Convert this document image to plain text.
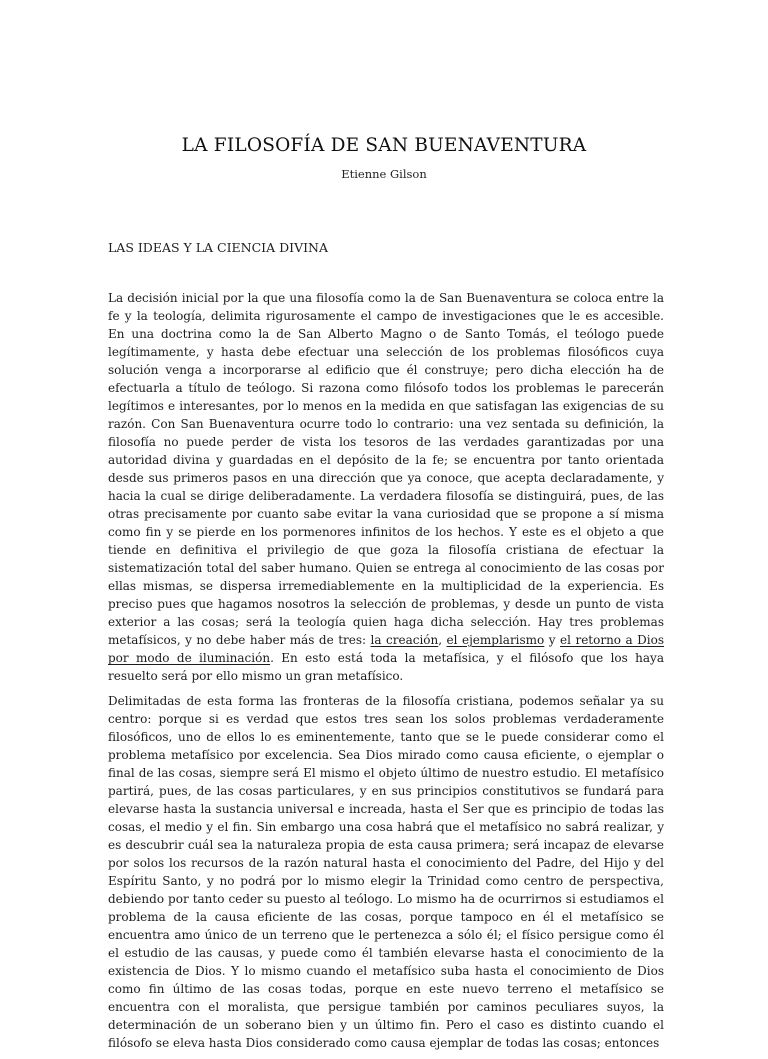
LA FILOSOFÍA DE SAN BUENAVENTURA
Etienne Gilson
LAS IDEAS Y LA CIENCIA DIVINA

La decisión inicial por la que una filosofía como la de San Buenaventura se coloca entre la fe y la teología, delimita rigurosamente el campo de investigaciones que le es accesible. En una doctrina como la de San Alberto Magno o de Santo Tomás, el teólogo puede legítimamente, y hasta debe efectuar una selección de los problemas filosóficos cuya solución venga a incorporarse al edificio que él construye; pero dicha elección ha de efectuarla a título de teólogo. Si razona como filósofo todos los problemas le parecerán legítimos e interesantes, por lo menos en la medida en que satisfagan las exigencias de su razón. Con San Buenaventura ocurre todo lo contrario: una vez sentada su definición, la filosofía no puede perder de vista los tesoros de las verdades garantizadas por una autoridad divina y guardadas en el depósito de la fe; se encuentra por tanto orientada desde sus primeros pasos en una dirección que ya conoce, que acepta declaradamente, y hacia la cual se dirige deliberadamente. La verdadera filosofía se distinguirá, pues, de las otras precisamente por cuanto sabe evitar la vana curiosidad que se propone a sí misma como fin y se pierde en los pormenores infinitos de los hechos. Y este es el objeto a que tiende en definitiva el privilegio de que goza la filosofía cristiana de efectuar la sistematización total del saber humano. Quien se entrega al conocimiento de las cosas por ellas mismas, se dispersa irremediablemente en la multiplicidad de la experiencia. Es preciso pues que hagamos nosotros la selección de problemas, y desde un punto de vista exterior a las cosas; será la teología quien haga dicha selección. Hay tres problemas metafísicos, y no debe haber más de tres: la creación, el ejemplarismo y el retorno a Dios por modo de iluminación. En esto está toda la metafísica, y el filósofo que los haya resuelto será por ello mismo un gran metafísico.

Delimitadas de esta forma las fronteras de la filosofía cristiana, podemos señalar ya su centro: porque si es verdad que estos tres sean los solos problemas verdaderamente filosóficos, uno de ellos lo es eminentemente, tanto que se le puede considerar como el problema metafísico por excelencia. Sea Dios mirado como causa eficiente, o ejemplar o final de las cosas, siempre será El mismo el objeto último de nuestro estudio. El metafísico partirá, pues, de las cosas particulares, y en sus principios constitutivos se fundará para elevarse hasta la sustancia universal e increada, hasta el Ser que es principio de todas las cosas, el medio y el fin. Sin embargo una cosa habrá que el metafísico no sabrá realizar, y es descubrir cuál sea la naturaleza propia de esta causa primera; será incapaz de elevarse por solos los recursos de la razón natural hasta el conocimiento del Padre, del Hijo y del Espíritu Santo, y no podrá por lo mismo elegir la Trinidad como centro de perspectiva, debiendo por tanto ceder su puesto al teólogo. Lo mismo ha de ocurrirnos si estudiamos el problema de la causa eficiente de las cosas, porque tampoco en él el metafísico se encuentra amo único de un terreno que le pertenezca a sólo él; el físico persigue como él el estudio de las causas, y puede como él también elevarse hasta el conocimiento de la existencia de Dios. Y lo mismo cuando el metafísico suba hasta el conocimiento de Dios como fin último de las cosas todas, porque en este nuevo terreno el metafísico se encuentra con el moralista, que persigue también por caminos peculiares suyos, la determinación de un soberano bien y un último fin. Pero el caso es distinto cuando el filósofo se eleva hasta Dios considerado como causa ejemplar de todas las cosas; entonces
